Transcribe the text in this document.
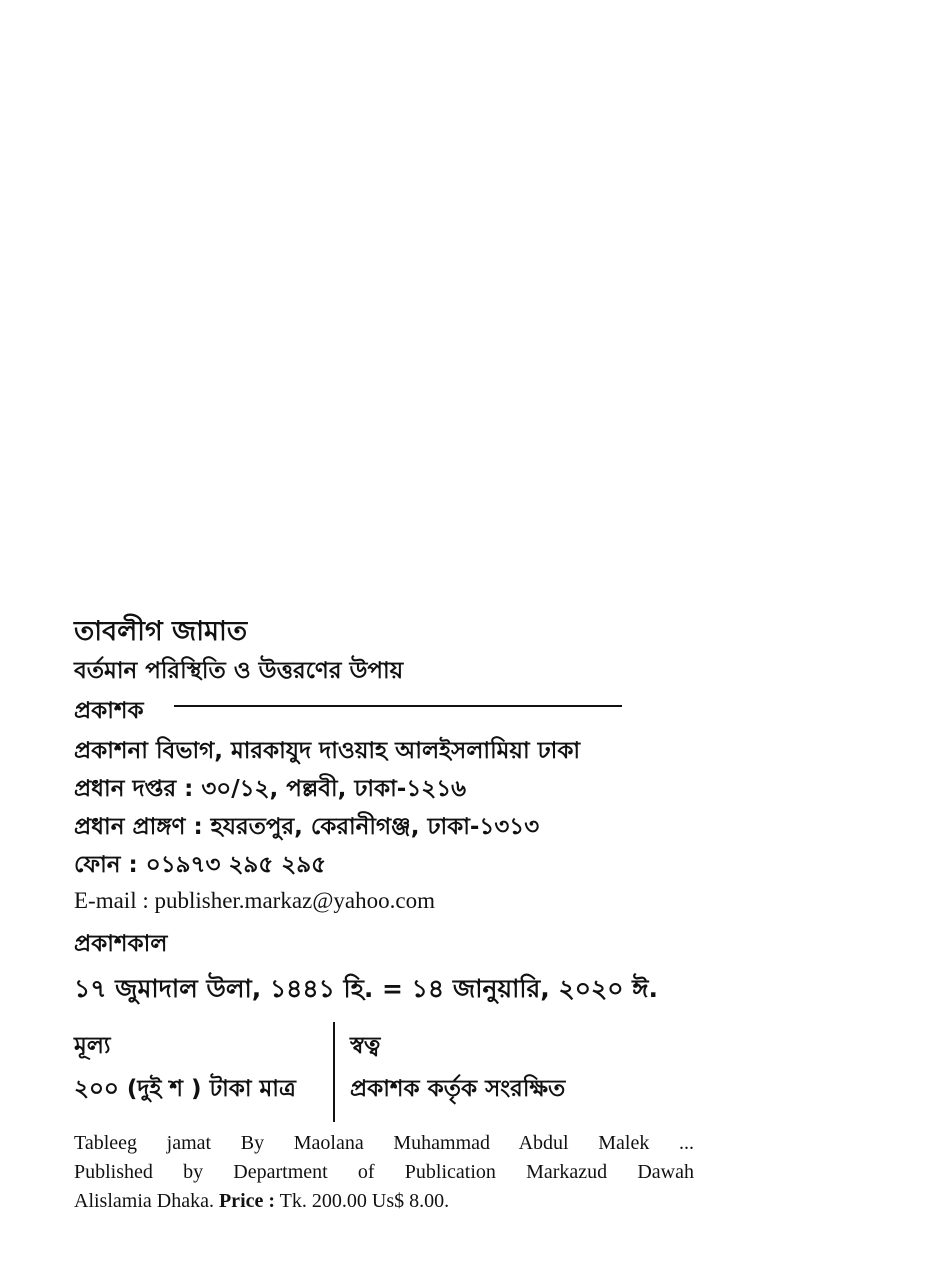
তাবলীগ জামাত
বর্তমান পরিস্থিতি ও উত্তরণের উপায়
প্রকাশক
প্রকাশনা বিভাগ, মারকাযুদ দাওয়াহ আলইসলামিয়া ঢাকা
প্রধান দপ্তর : ৩০/১২, পল্লবী, ঢাকা-১২১৬
প্রধান প্রাঙ্গণ : হযরতপুর, কেরানীগঞ্জ, ঢাকা-১৩১৩
ফোন : ০১৯৭৩ ২৯৫ ২৯৫
E-mail : publisher.markaz@yahoo.com
প্রকাশকাল
১৭ জুমাদাল উলা, ১৪৪১ হি. = ১৪ জানুয়ারি, ২০২০ ঈ.
মূল্য
২০০ (দুই শ ) টাকা মাত্র
স্বত্ব
প্রকাশক কর্তৃক সংরক্ষিত
Tableeg jamat By Maolana Muhammad Abdul Malek ...
Published by Department of Publication Markazud Dawah
Alislamia Dhaka. Price : Tk. 200.00 Us$ 8.00.
